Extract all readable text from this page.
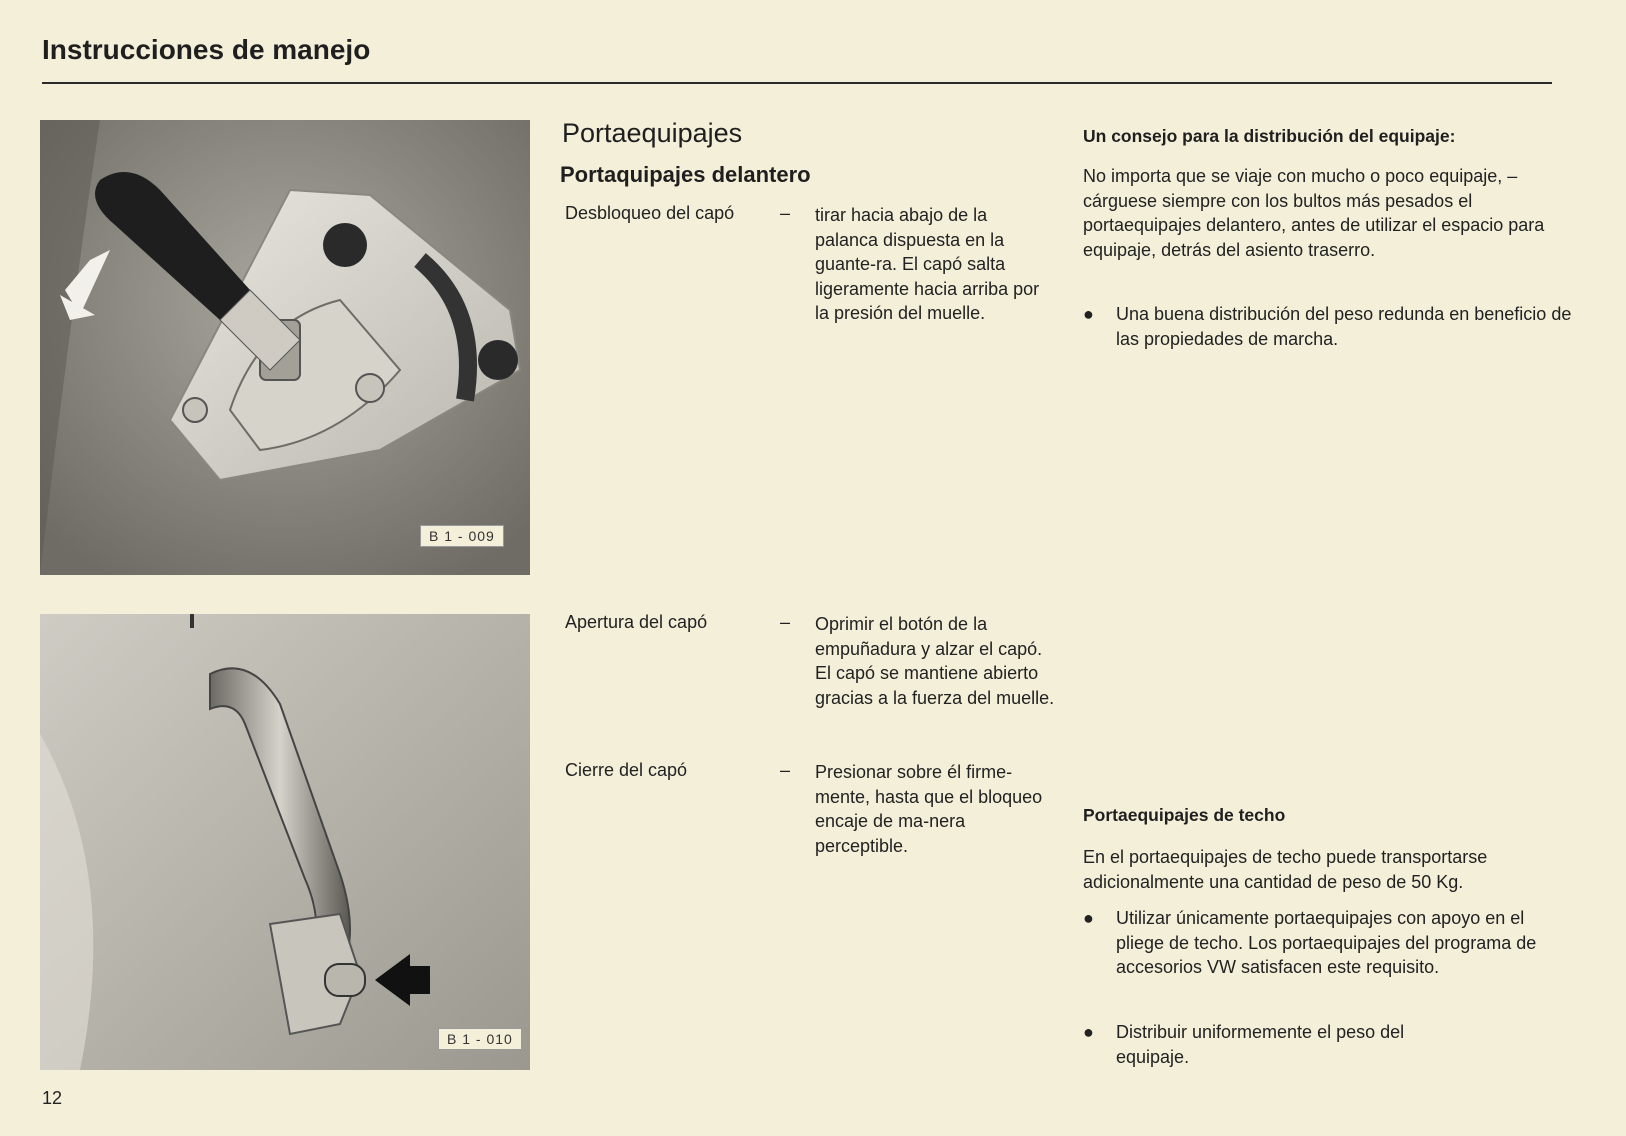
Instrucciones de manejo
B 1 - 009
B 1 - 010
Portaequipajes
Portaquipajes delantero
Desbloqueo del capó	– tirar hacia abajo de la palanca dispuesta en la guante-ra. El capó salta ligeramente hacia arriba por la presión del muelle.
Apertura del capó	– Oprimir el botón de la empuñadura y alzar el capó. El capó se mantiene abierto gracias a la fuerza del muelle.
Cierre del capó	– Presionar sobre él firme-mente, hasta que el bloqueo encaje de ma-nera perceptible.
Un consejo para la distribución del equipaje:
No importa que se viaje con mucho o poco equipaje, – cárguese siempre con los bultos más pesados el portaequipajes delantero, antes de utilizar el espacio para equipaje, detrás del asiento traserro.
● Una buena distribución del peso redunda en beneficio de las propiedades de marcha.
Portaequipajes de techo
En el portaequipajes de techo puede transportarse adicionalmente una cantidad de peso de 50 Kg.
● Utilizar únicamente portaequipajes con apoyo en el pliege de techo. Los portaequipajes del programa de accesorios VW satisfacen este requisito.
● Distribuir uniformemente el peso del equipaje.
12
